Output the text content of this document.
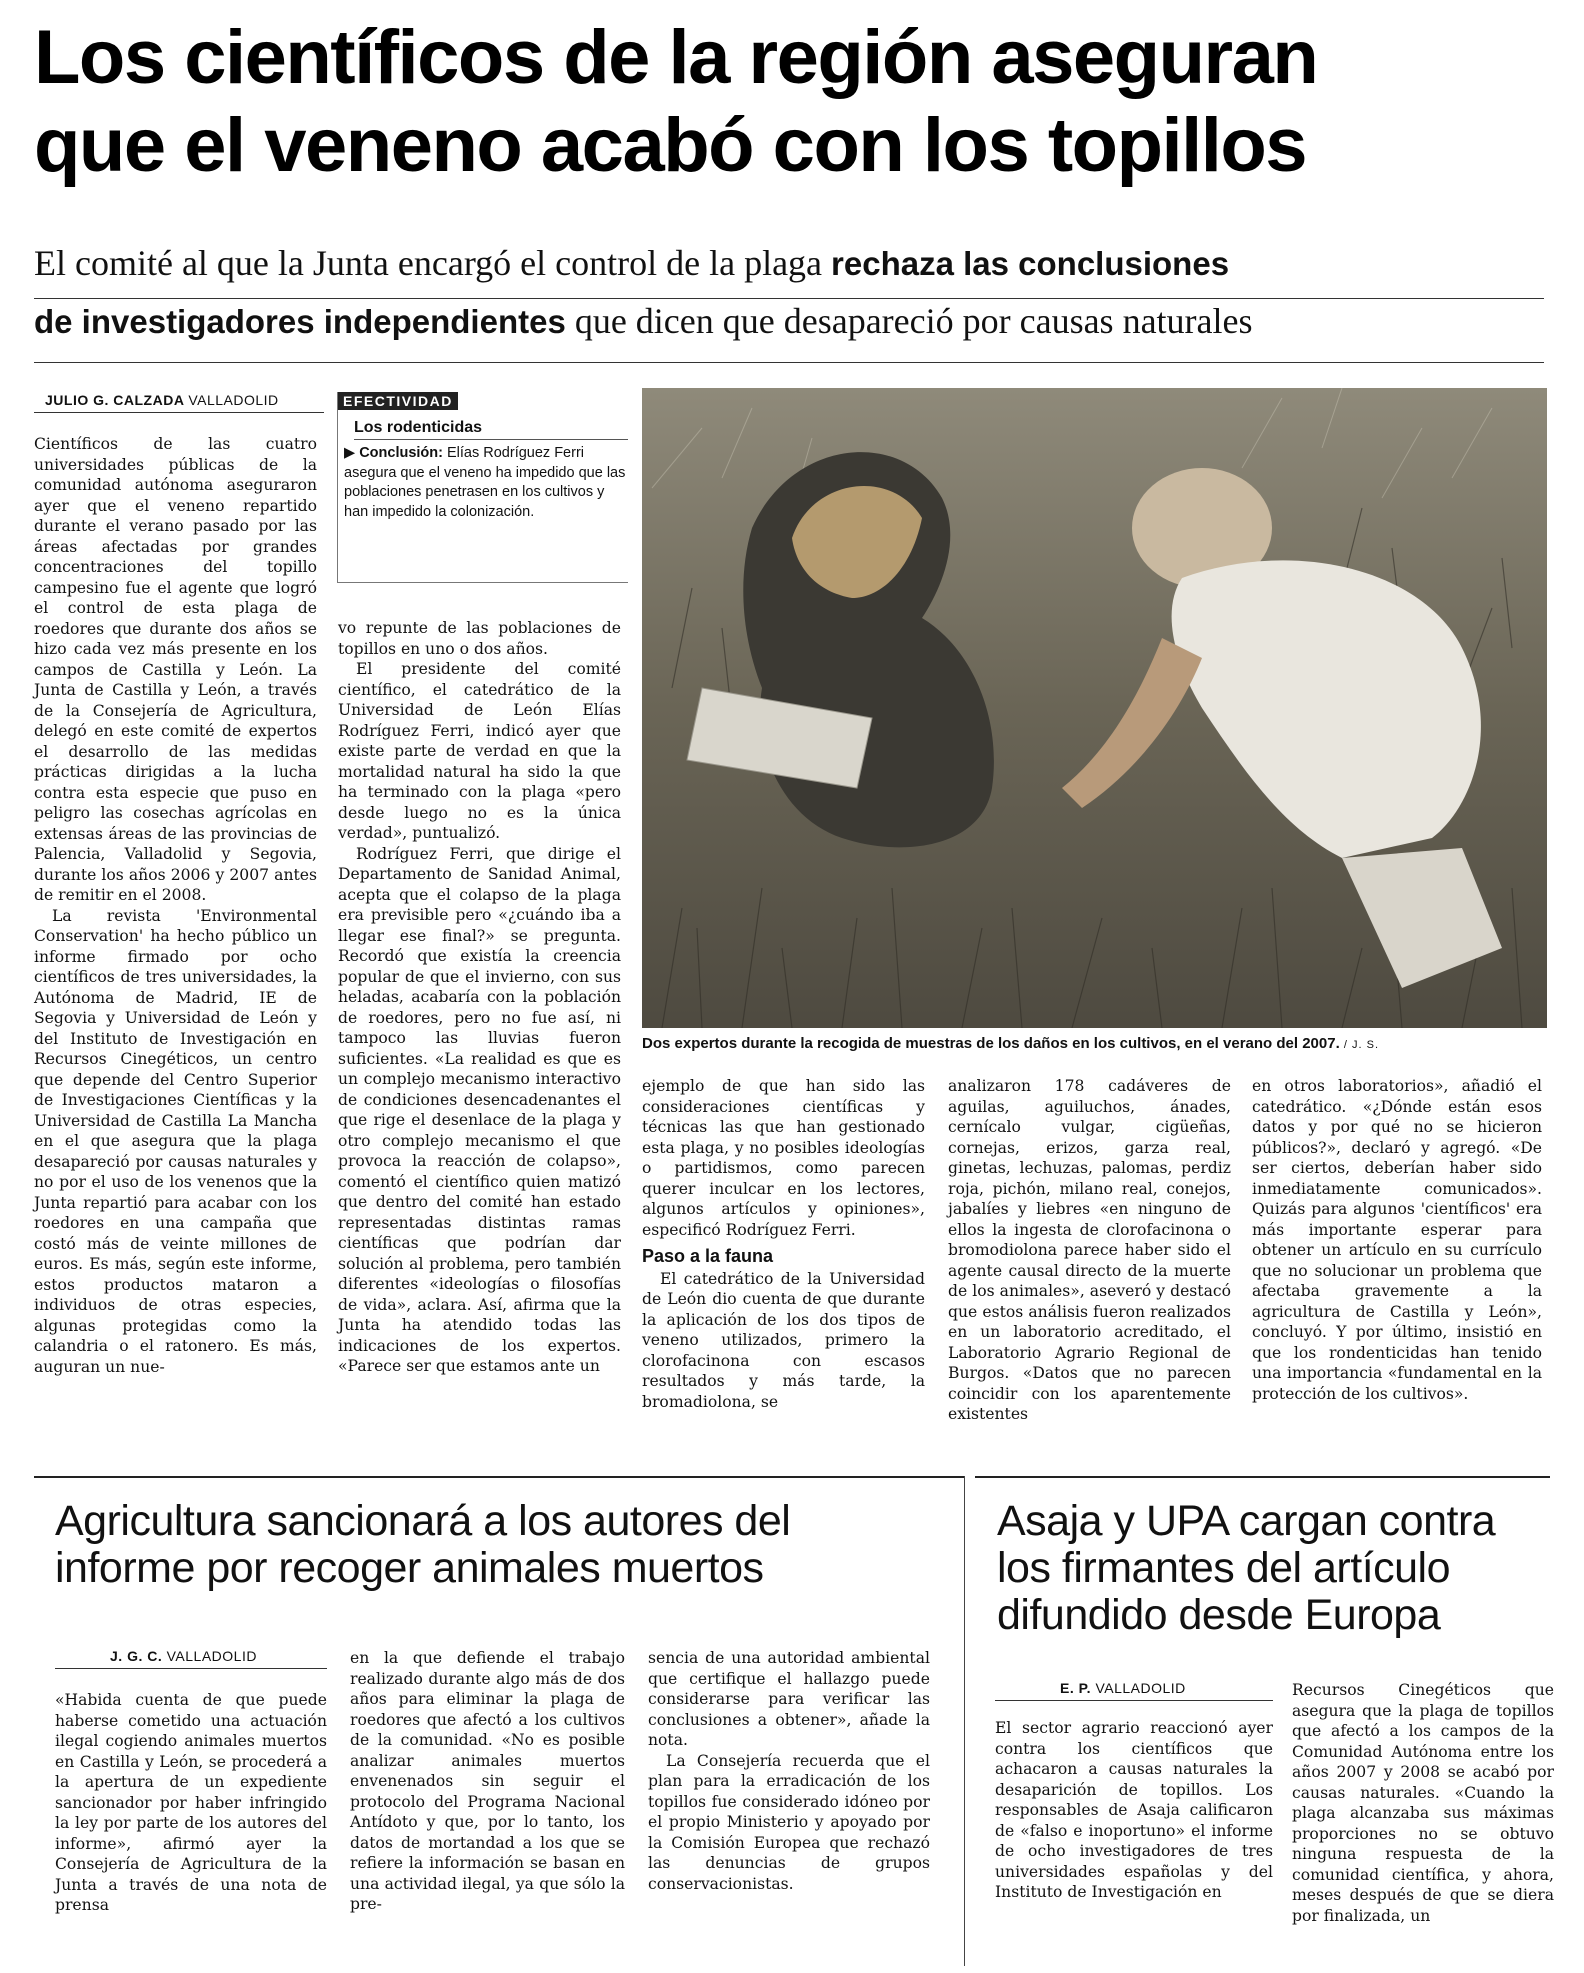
Los científicos de la región aseguran
que el veneno acabó con los topillos
El comité al que la Junta encargó el control de la plaga rechaza las conclusiones
de investigadores independientes que dicen que desapareció por causas naturales
JULIO G. CALZADA VALLADOLID

Científicos de las cuatro universidades públicas de la comunidad autónoma aseguraron ayer que el veneno repartido durante el verano pasado por las áreas afectadas por grandes concentraciones del topillo campesino fue el agente que logró el control de esta plaga de roedores que durante dos años se hizo cada vez más presente en los campos de Castilla y León. La Junta de Castilla y León, a través de la Consejería de Agricultura, delegó en este comité de expertos el desarrollo de las medidas prácticas dirigidas a la lucha contra esta especie que puso en peligro las cosechas agrícolas en extensas áreas de las provincias de Palencia, Valladolid y Segovia, durante los años 2006 y 2007 antes de remitir en el 2008.

La revista 'Environmental Conservation' ha hecho público un informe firmado por ocho científicos de tres universidades, la Autónoma de Madrid, IE de Segovia y Universidad de León y del Instituto de Investigación en Recursos Cinegéticos, un centro que depende del Centro Superior de Investigaciones Científicas y la Universidad de Castilla La Mancha en el que asegura que la plaga desapareció por causas naturales y no por el uso de los venenos que la Junta repartió para acabar con los roedores en una campaña que costó más de veinte millones de euros. Es más, según este informe, estos productos mataron a individuos de otras especies, algunas protegidas como la calandria o el ratonero. Es más, auguran un nue-

EFECTIVIDAD
Los rodenticidas
▶ Conclusión: Elías Rodríguez Ferri asegura que el veneno ha impedido que las poblaciones penetrasen en los cultivos y han impedido la colonización.

vo repunte de las poblaciones de topillos en uno o dos años.

El presidente del comité científico, el catedrático de la Universidad de León Elías Rodríguez Ferri, indicó ayer que existe parte de verdad en que la mortalidad natural ha sido la que ha terminado con la plaga «pero desde luego no es la única verdad», puntualizó.

Rodríguez Ferri, que dirige el Departamento de Sanidad Animal, acepta que el colapso de la plaga era previsible pero «¿cuándo iba a llegar ese final?» se pregunta. Recordó que existía la creencia popular de que el invierno, con sus heladas, acabaría con la población de roedores, pero no fue así, ni tampoco las lluvias fueron suficientes. «La realidad es que es un complejo mecanismo interactivo de condiciones desencadenantes el que rige el desenlace de la plaga y otro complejo mecanismo el que provoca la reacción de colapso», comentó el científico quien matizó que dentro del comité han estado representadas distintas ramas científicas que podrían dar solución al problema, pero también diferentes «ideologías o filosofías de vida», aclara. Así, afirma que la Junta ha atendido todas las indicaciones de los expertos. «Parece ser que estamos ante un

Dos expertos durante la recogida de muestras de los daños en los cultivos, en el verano del 2007. / J. S.

ejemplo de que han sido las consideraciones científicas y técnicas las que han gestionado esta plaga, y no posibles ideologías o partidismos, como parecen querer inculcar en los lectores, algunos artículos y opiniones», especificó Rodríguez Ferri.

Paso a la fauna

El catedrático de la Universidad de León dio cuenta de que durante la aplicación de los dos tipos de veneno utilizados, primero la clorofacinona con escasos resultados y más tarde, la bromadiolona, se

analizaron 178 cadáveres de aguilas, aguiluchos, ánades, cernícalo vulgar, cigüeñas, cornejas, erizos, garza real, ginetas, lechuzas, palomas, perdiz roja, pichón, milano real, conejos, jabalíes y liebres «en ninguno de ellos la ingesta de clorofacinona o bromodiolona parece haber sido el agente causal directo de la muerte de los animales», aseveró y destacó que estos análisis fueron realizados en un laboratorio acreditado, el Laboratorio Agrario Regional de Burgos. «Datos que no parecen coincidir con los aparentemente existentes

en otros laboratorios», añadió el catedrático. «¿Dónde están esos datos y por qué no se hicieron públicos?», declaró y agregó. «De ser ciertos, deberían haber sido inmediatamente comunicados». Quizás para algunos 'científicos' era más importante esperar para obtener un artículo en su currículo que no solucionar un problema que afectaba gravemente a la agricultura de Castilla y León», concluyó. Y por último, insistió en que los rondenticidas han tenido una importancia «fundamental en la protección de los cultivos».

Agricultura sancionará a los autores del
informe por recoger animales muertos
J. G. C. VALLADOLID

«Habida cuenta de que puede haberse cometido una actuación ilegal cogiendo animales muertos en Castilla y León, se procederá a la apertura de un expediente sancionador por haber infringido la ley por parte de los autores del informe», afirmó ayer la Consejería de Agricultura de la Junta a través de una nota de prensa

en la que defiende el trabajo realizado durante algo más de dos años para eliminar la plaga de roedores que afectó a los cultivos de la comunidad. «No es posible analizar animales muertos envenenados sin seguir el protocolo del Programa Nacional Antídoto y que, por lo tanto, los datos de mortandad a los que se refiere la información se basan en una actividad ilegal, ya que sólo la pre-

sencia de una autoridad ambiental que certifique el hallazgo puede considerarse para verificar las conclusiones a obtener», añade la nota.

La Consejería recuerda que el plan para la erradicación de los topillos fue considerado idóneo por el propio Ministerio y apoyado por la Comisión Europea que rechazó las denuncias de grupos conservacionistas.

Asaja y UPA cargan contra
los firmantes del artículo
difundido desde Europa
E. P. VALLADOLID

El sector agrario reaccionó ayer contra los científicos que achacaron a causas naturales la desaparición de topillos. Los responsables de Asaja calificaron de «falso e inoportuno» el informe de ocho investigadores de tres universidades españolas y del Instituto de Investigación en

Recursos Cinegéticos que asegura que la plaga de topillos que afectó a los campos de la Comunidad Autónoma entre los años 2007 y 2008 se acabó por causas naturales. «Cuando la plaga alcanzaba sus máximas proporciones no se obtuvo ninguna respuesta de la comunidad científica, y ahora, meses después de que se diera por finalizada, un
